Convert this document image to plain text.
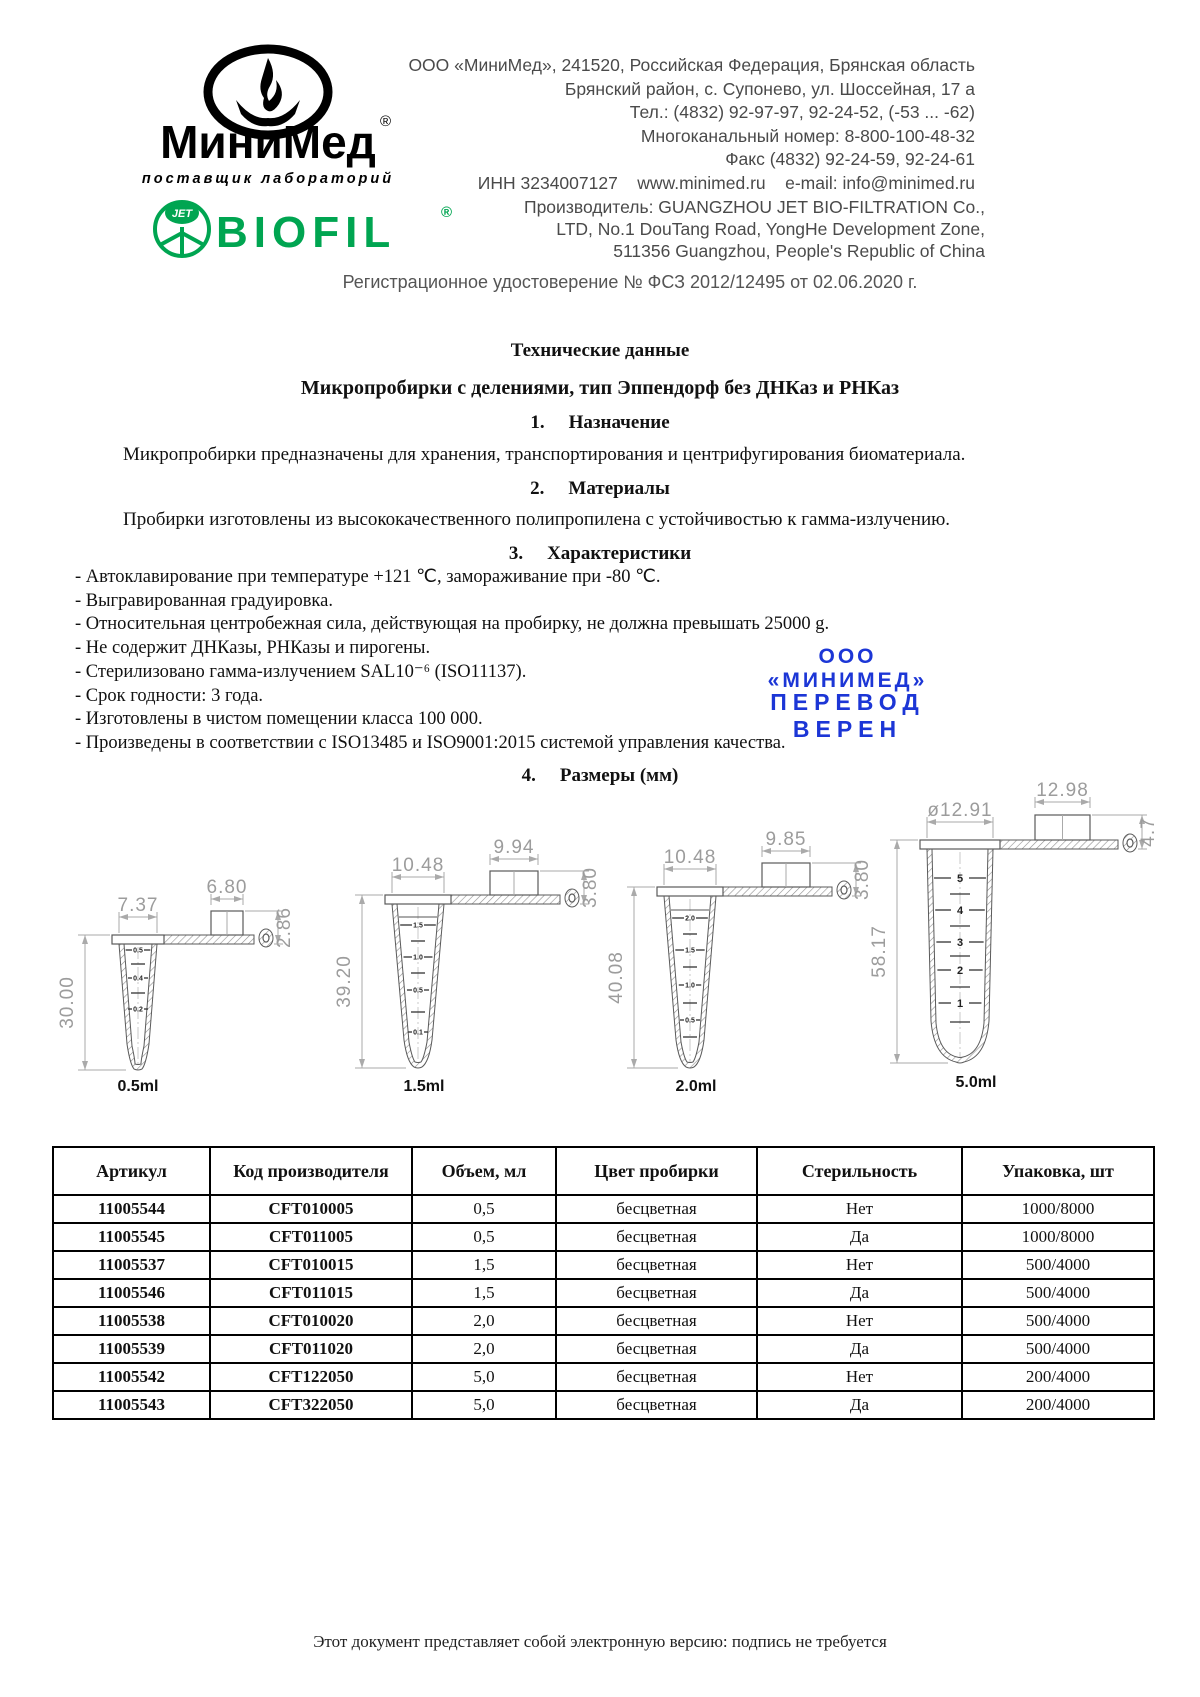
МиниМед ®
поставщик лабораторий
ООО «МиниМед», 241520, Российская Федерация, Брянская область
Брянский район, с. Супонево, ул. Шоссейная, 17 а
Тел.: (4832) 92-97-97, 92-24-52, (-53 ... -62)
Многоканальный номер: 8-800-100-48-32
Факс (4832) 92-24-59, 92-24-61
ИНН 3234007127    www.minimed.ru    e-mail: info@minimed.ru
JET BIOFIL	®	Производитель: GUANGZHOU JET BIO-FILTRATION Co.,
LTD, No.1 DouTang Road, YongHe Development Zone,
511356 Guangzhou, People's Republic of China
Регистрационное удостоверение № ФСЗ 2012/12495 от 02.06.2020 г.
Технические данные
Микропробирки с делениями, тип Эппендорф без ДНКаз и РНКаз
1. Назначение
Микропробирки предназначены для хранения, транспортирования и центрифугирования биоматериала.
2. Материалы
Пробирки изготовлены из высококачественного полипропилена с устойчивостью к гамма-излучению.
3. Характеристики
- Автоклавирование при температуре +121 ℃, замораживание при -80 ℃.
- Выгравированная градуировка.
- Относительная центробежная сила, действующая на пробирку, не должна превышать 25000 g.
- Не содержит ДНКазы, РНКазы и пирогены.
- Стерилизовано гамма-излучением SAL10⁻⁶ (ISO11137).
- Срок годности: 3 года.
- Изготовлены в чистом помещении класса 100 000.
- Произведены в соответствии с ISO13485 и ISO9001:2015 системой управления качества.
ООО «МИНИМЕД»
ПЕРЕВОД ВЕРЕН
4. Размеры (мм)
0.5
0.4
0.2
7.37
6.80
30.00
2.86
0.5ml
1.5
1.0
0.5
0.1
10.48
9.94
39.20
3.80
1.5ml
2.0
1.5
1.0
0.5
10.48
9.85
40.08
3.80
2.0ml
5
4
3
2
1
ø12.91
12.98
58.17
4.7
5.0ml
Артикул	Код производителя	Объем, мл	Цвет пробирки	Стерильность	Упаковка, шт
11005544	CFT010005	0,5	бесцветная	Нет	1000/8000
11005545	CFT011005	0,5	бесцветная	Да	1000/8000
11005537	CFT010015	1,5	бесцветная	Нет	500/4000
11005546	CFT011015	1,5	бесцветная	Да	500/4000
11005538	CFT010020	2,0	бесцветная	Нет	500/4000
11005539	CFT011020	2,0	бесцветная	Да	500/4000
11005542	CFT122050	5,0	бесцветная	Нет	200/4000
11005543	CFT322050	5,0	бесцветная	Да	200/4000
Этот документ представляет собой электронную версию: подпись не требуется
